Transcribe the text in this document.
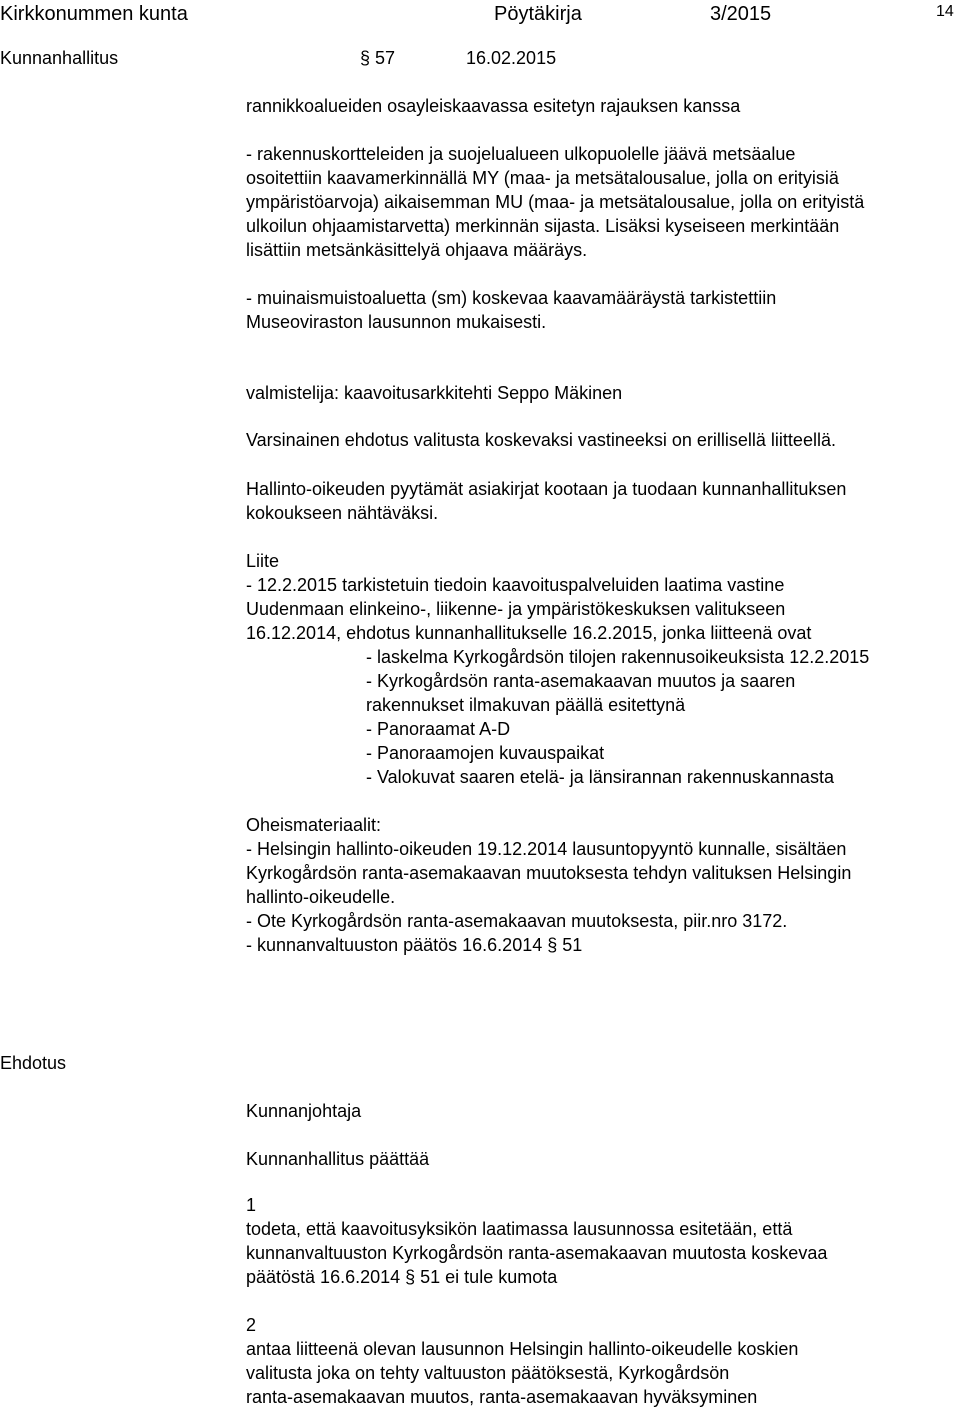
Kirkkonummen kunta	Pöytäkirja	3/2015	14
Kunnanhallitus	§ 57	16.02.2015

rannikkoalueiden osayleiskaavassa esitetyn rajauksen kanssa

- rakennuskortteleiden ja suojelualueen ulkopuolelle jäävä metsäalue

osoitettiin kaavamerkinnällä MY (maa- ja metsätalousalue, jolla on erityisiä

ympäristöarvoja) aikaisemman MU (maa- ja metsätalousalue, jolla on erityistä

ulkoilun ohjaamistarvetta) merkinnän sijasta. Lisäksi kyseiseen merkintään

lisättiin metsänkäsittelyä ohjaava määräys.

- muinaismuistoaluetta (sm) koskevaa kaavamääräystä tarkistettiin

Museoviraston lausunnon mukaisesti.

valmistelija: kaavoitusarkkitehti Seppo Mäkinen

Varsinainen ehdotus valitusta koskevaksi vastineeksi on erillisellä liitteellä.

Hallinto-oikeuden pyytämät asiakirjat kootaan ja tuodaan kunnanhallituksen

kokoukseen nähtäväksi.

Liite

- 12.2.2015 tarkistetuin tiedoin kaavoituspalveluiden laatima vastine

Uudenmaan elinkeino-, liikenne- ja ympäristökeskuksen valitukseen

16.12.2014, ehdotus kunnanhallitukselle 16.2.2015, jonka liitteenä ovat

- laskelma Kyrkogårdsön tilojen rakennusoikeuksista 12.2.2015

- Kyrkogårdsön ranta-asemakaavan muutos ja saaren

rakennukset ilmakuvan päällä esitettynä

- Panoraamat A-D

- Panoraamojen kuvauspaikat

- Valokuvat saaren etelä- ja länsirannan rakennuskannasta

Oheismateriaalit:

- Helsingin hallinto-oikeuden 19.12.2014 lausuntopyyntö kunnalle, sisältäen

Kyrkogårdsön ranta-asemakaavan muutoksesta tehdyn valituksen Helsingin

hallinto-oikeudelle.

- Ote Kyrkogårdsön ranta-asemakaavan muutoksesta, piir.nro 3172.

- kunnanvaltuuston päätös 16.6.2014 § 51

Ehdotus

Kunnanjohtaja

Kunnanhallitus päättää

1

todeta, että kaavoitusyksikön laatimassa lausunnossa esitetään, että

kunnanvaltuuston Kyrkogårdsön ranta-asemakaavan muutosta koskevaa

päätöstä 16.6.2014 § 51 ei tule kumota

2

antaa liitteenä olevan lausunnon Helsingin hallinto-oikeudelle koskien

valitusta joka on tehty valtuuston päätöksestä, Kyrkogårdsön

ranta-asemakaavan muutos, ranta-asemakaavan hyväksyminen
